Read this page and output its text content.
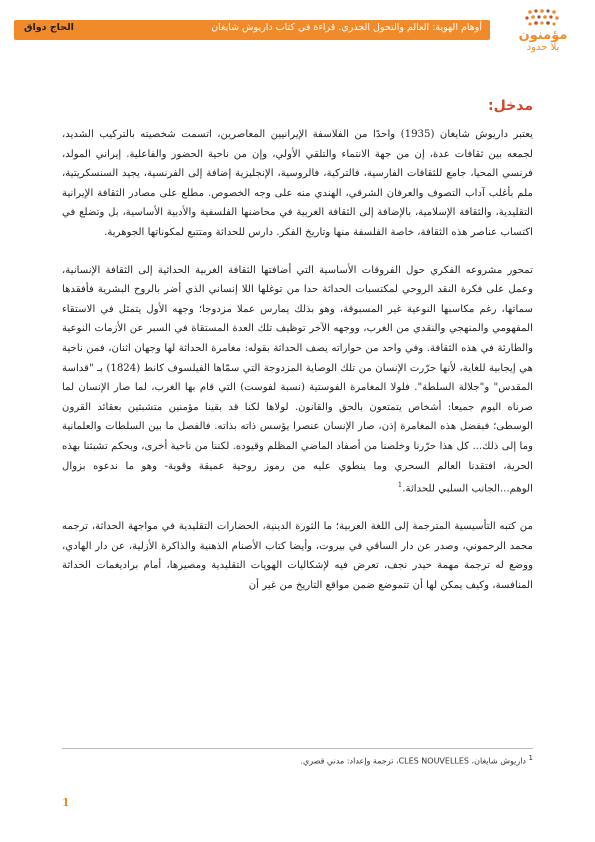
أوهام الهوية: العالم والتحول الجذري. قراءة في كتاب داريوش شايغان
الحاج دواق
مؤمنون
بلا حدود
مدخل:

يعتبر داريوش شايغان (1935) واحدًا من الفلاسفة الإيرانيين المعاصرين، اتسمت شخصيته بالتركيب الشديد، لجمعه بين ثقافات عدة، إن من جهة الانتماء والتلقي الأولي، وإن من ناحية الحضور والفاعلية. إيراني المولد، فرنسي المحيا، جامع للثقافات الفارسية، فالتركية، فالروسية، الإنجليزية إضافة إلى الفرنسية، يجيد السنسكريتية، ملم بأغلب آداب التصوف والعرفان الشرقي، الهندي منه على وجه الخصوص. مطلع على مصادر الثقافة الإيرانية التقليدية، والثقافة الإسلامية، بالإضافة إلى الثقافة الغربية في محاضنها الفلسفية والأدبية الأساسية، بل وتضلع في اكتساب عناصر هذه الثقافة، خاصة الفلسفة منها وتاريخ الفكر. دارس للحداثة ومتتبع لمكوناتها الجوهرية.

تمحور مشروعه الفكري حول الفروقات الأساسية التي أضافتها الثقافة الغربية الحداثية إلى الثقافة الإنسانية، وعمل على فكرة النقد الروحي لمكتسبات الحداثة حدا من توغلها اللا إنساني الذي أضر بالروح البشرية فأفقدها سماتها، رغم مكاسبها النوعية غير المسبوقة، وهو بذلك يمارس عملا مزدوجا؛ وجهه الأول يتمثل في الاستقاء المفهومي والمنهجي والنقدي من الغرب، ووجهه الآخر توظيف تلك العدة المستقاة في السبر عن الأزمات النوعية والطارئة في هذه الثقافة. وفي واحد من حواراته يصف الحداثة بقوله: مغامرة الحداثة لها وجهان اثنان، فمن ناحية هي إيجابية للغاية، لأنها حرّرت الإنسان من تلك الوصاية المزدوجة التي سمّاها الفيلسوف كانط (1824) بـ "قداسة المقدس" و"جلالة السلطة". فلولا المغامرة الفوستية (نسبة لفوست) التي قام بها الغرب، لما صار الإنسان لما صرناه اليوم جميعا: أشخاص يتمتعون بالحق والقانون. لولاها لكنا قد بقينا مؤمنين متشبثين بعقائد القرون الوسطى؛ فبفضل هذه المغامرة إذن، صار الإنسان عنصرا يؤسس ذاته بذاته. فالفصل ما بين السلطات والعلمانية وما إلى ذلك... كل هذا حرّرنا وخلصنا من أصفاد الماضي المظلم وقيوده. لكننا من ناحية أخرى، وبحكم تشبثنا بهذه الحرية، افتقدنا العالم السحري وما ينطوي عليه من رموز روحية عميقة وقوية- وهو ما ندعوه بزوال الوهم...الجانب السلبي للحداثة.$^1$

من كتبه التأسيسية المترجمة إلى اللغة العربية؛ ما الثورة الدينية، الحضارات التقليدية في مواجهة الحداثة، ترجمه محمد الرحموني، وصدر عن دار الساقي في بيروت، وأيضا كتاب الأصنام الذهنية والذاكرة الأزلية، عن دار الهادي، ووضع له ترجمة مهمة حيدر نجف، تعرض فيه لإشكاليات الهويات التقليدية ومصيرها، أمام براديغمات الحداثة المنافسة، وكيف يمكن لها أن تتموضع ضمن مواقع التاريخ من غير أن

$^1$ داريوش شايغان، CLES NOUVELLES، ترجمة وإعداد: مدني قصري.
1
